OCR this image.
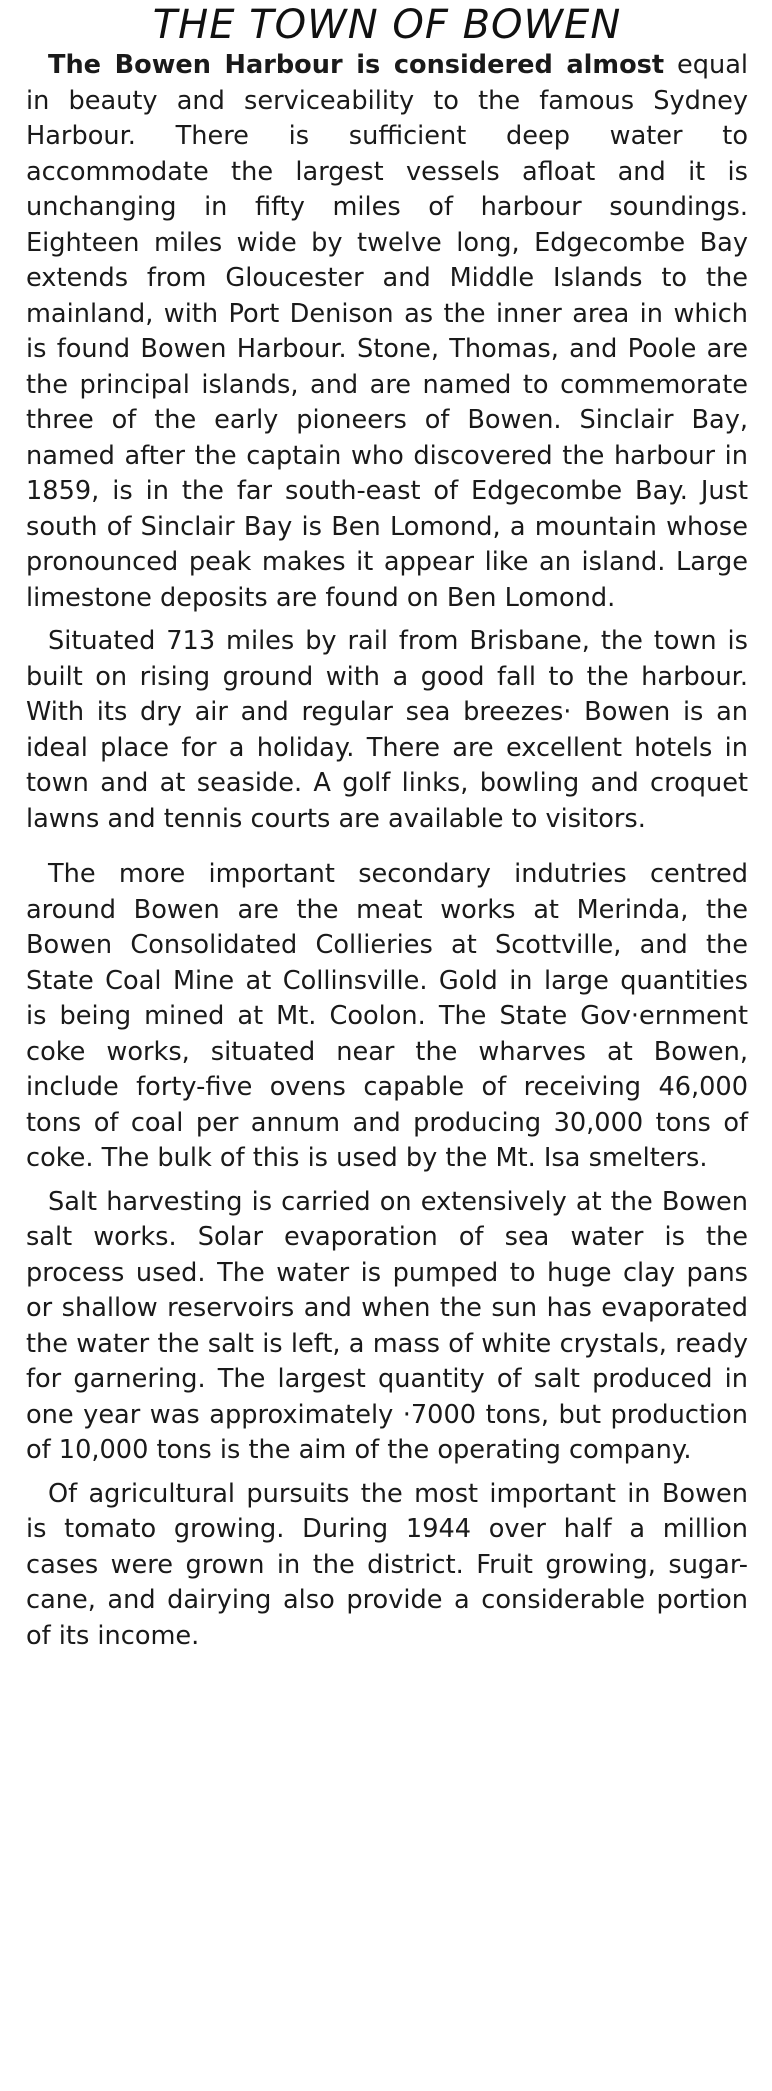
THE TOWN OF BOWEN

The Bowen Harbour is considered almost equal in beauty and serviceability to the famous Sydney Harbour. There is sufficient deep water to accommodate the largest vessels afloat and it is unchanging in fifty miles of harbour soundings. Eighteen miles wide by twelve long, Edgecombe Bay extends from Gloucester and Middle Islands to the mainland, with Port Denison as the inner area in which is found Bowen Harbour. Stone, Thomas, and Poole are the principal islands, and are named to commemorate three of the early pioneers of Bowen. Sinclair Bay, named after the captain who discovered the harbour in 1859, is in the far south-east of Edgecombe Bay. Just south of Sinclair Bay is Ben Lomond, a mountain whose pronounced peak makes it appear like an island. Large limestone deposits are found on Ben Lomond.

Situated 713 miles by rail from Brisbane, the town is built on rising ground with a good fall to the harbour. With its dry air and regular sea breezes· Bowen is an ideal place for a holiday. There are excellent hotels in town and at seaside. A golf links, bowling and croquet lawns and tennis courts are available to visitors.

The more important secondary indutries centred around Bowen are the meat works at Merinda, the Bowen Consolidated Collieries at Scottville, and the State Coal Mine at Collinsville. Gold in large quantities is being mined at Mt. Coolon. The State Gov·ernment coke works, situated near the wharves at Bowen, include forty-five ovens capable of receiving 46,000 tons of coal per annum and producing 30,000 tons of coke. The bulk of this is used by the Mt. Isa smelters.

Salt harvesting is carried on extensively at the Bowen salt works. Solar evaporation of sea water is the process used. The water is pumped to huge clay pans or shallow reservoirs and when the sun has evaporated the water the salt is left, a mass of white crystals, ready for garnering. The largest quantity of salt produced in one year was approximately ·7000 tons, but production of 10,000 tons is the aim of the operating company.

Of agricultural pursuits the most important in Bowen is tomato growing. During 1944 over half a million cases were grown in the district. Fruit growing, sugar-cane, and dairying also provide a considerable portion of its income.
